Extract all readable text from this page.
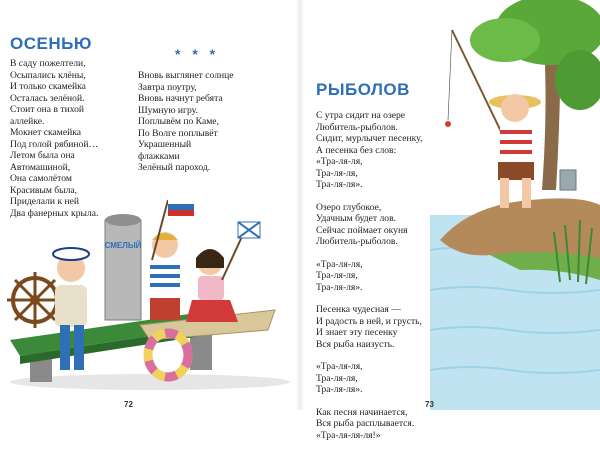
ОСЕНЬЮ
* * *
В саду пожелтели,
Осыпались клёны,
И только скамейка
Осталась зелёной.
Стоит она в тихой
аллейке.
Мокнет скамейка
Под голой рябиной…
Летом была она
Автомашиной,
Она самолётом
Красивым была,
Приделали к ней
Два фанерных крыла.
Вновь выглянет солнце
Завтра поутру,
Вновь начнут ребята
Шумную игру.
Поплывём по Каме,
По Волге поплывёт
Украшенный
флажками
Зелёный пароход.
СМЕЛЫЙ
72
РЫБОЛОВ
С утра сидит на озере
Любитель-рыболов.
Сидит, мурлычет песенку,
А песенка без слов:
«Тра-ля-ля,
Тра-ля-ля,
Тра-ля-ля».
Озеро глубокое,
Удачным будет лов.
Сейчас поймает окуня
Любитель-рыболов.
«Тра-ля-ля,
Тра-ля-ля,
Тра-ля-ля».
Песенка чудесная —
И радость в ней, и грусть,
И знает эту песенку
Вся рыба наизусть.
«Тра-ля-ля,
Тра-ля-ля,
Тра-ля-ля».
Как песня начинается,
Вся рыба расплывается.
«Тра-ля-ля-ля!»
73
